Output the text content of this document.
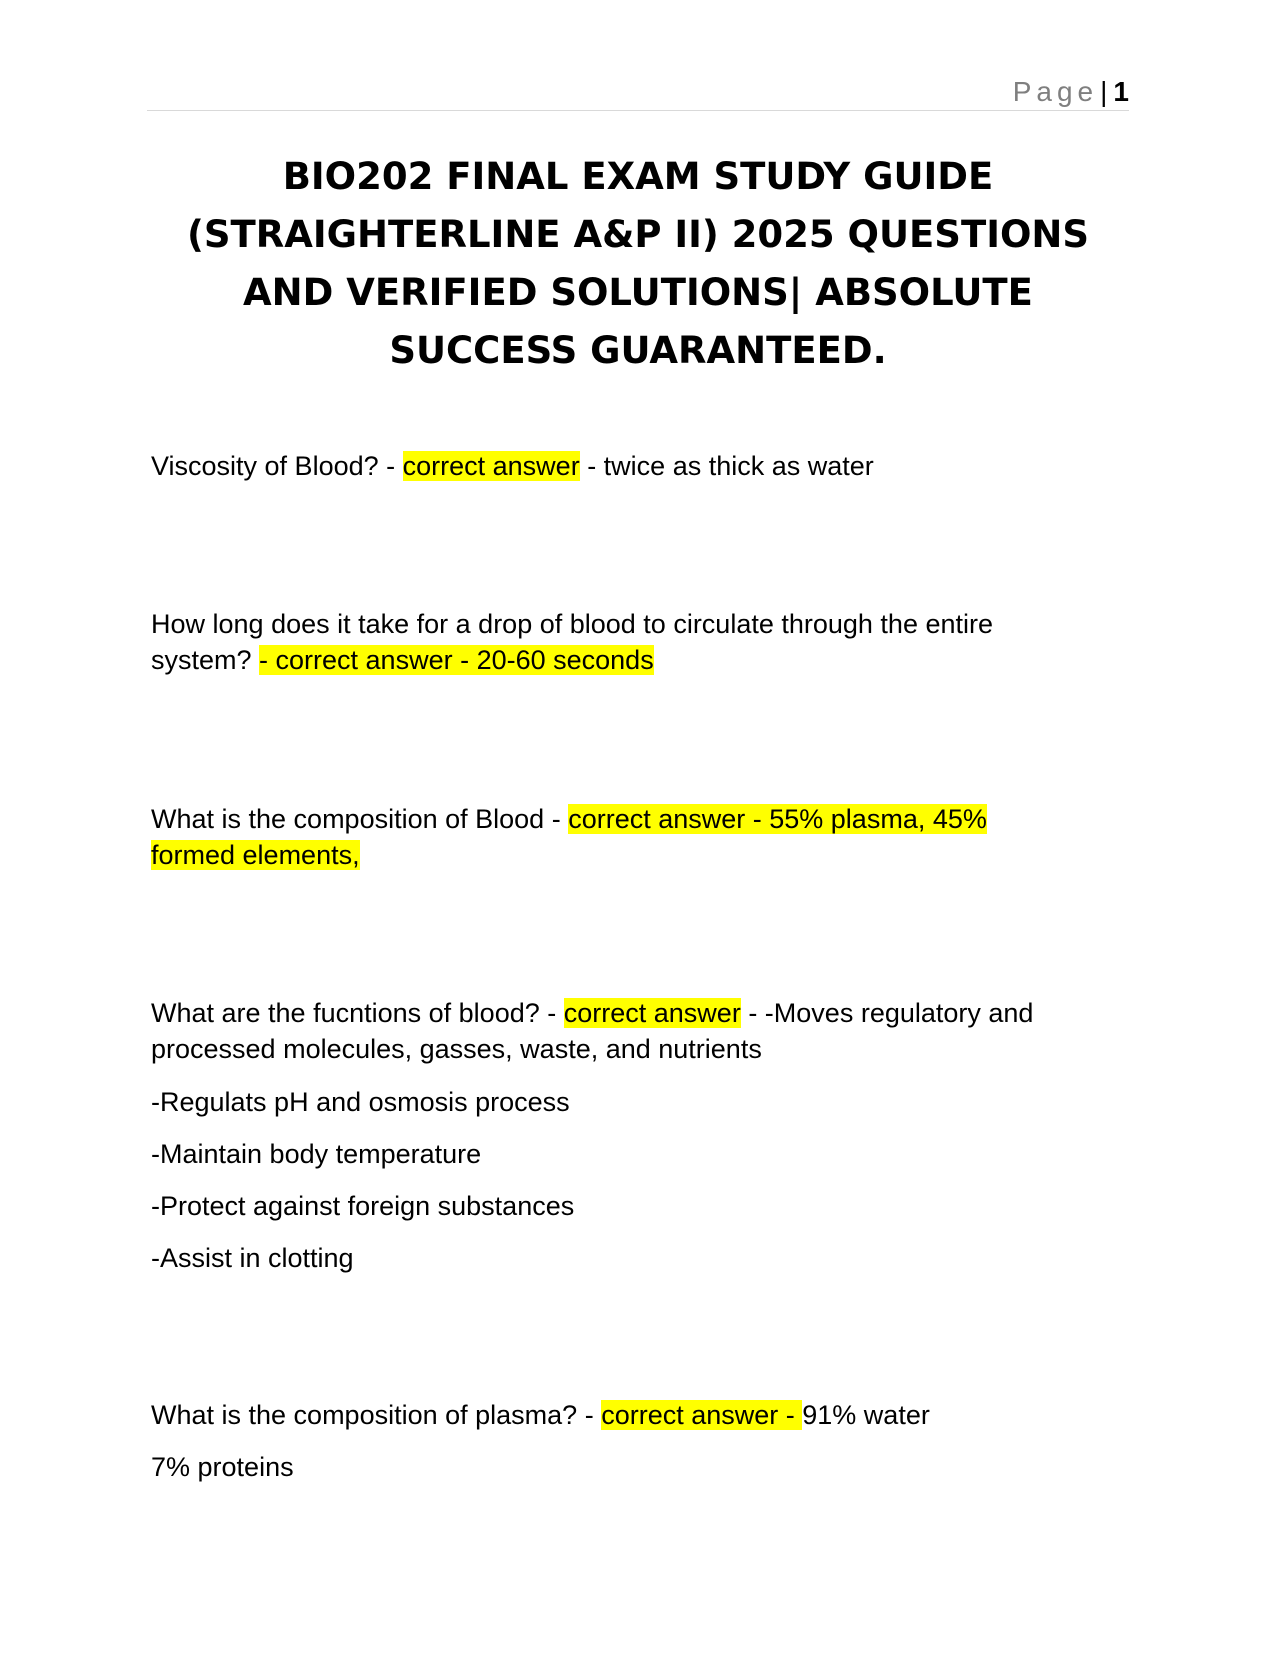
Page| 1
BIO202 FINAL EXAM STUDY GUIDE
(STRAIGHTERLINE A&P II) 2025 QUESTIONS
AND VERIFIED SOLUTIONS| ABSOLUTE
SUCCESS GUARANTEED.
Viscosity of Blood? - correct answer - twice as thick as water
How long does it take for a drop of blood to circulate through the entire
system? - correct answer - 20-60 seconds
What is the composition of Blood - correct answer - 55% plasma, 45%
formed elements,
What are the fucntions of blood? - correct answer - -Moves regulatory and
processed molecules, gasses, waste, and nutrients
-Regulats pH and osmosis process
-Maintain body temperature
-Protect against foreign substances
-Assist in clotting
What is the composition of plasma? - correct answer - 91% water
7% proteins
